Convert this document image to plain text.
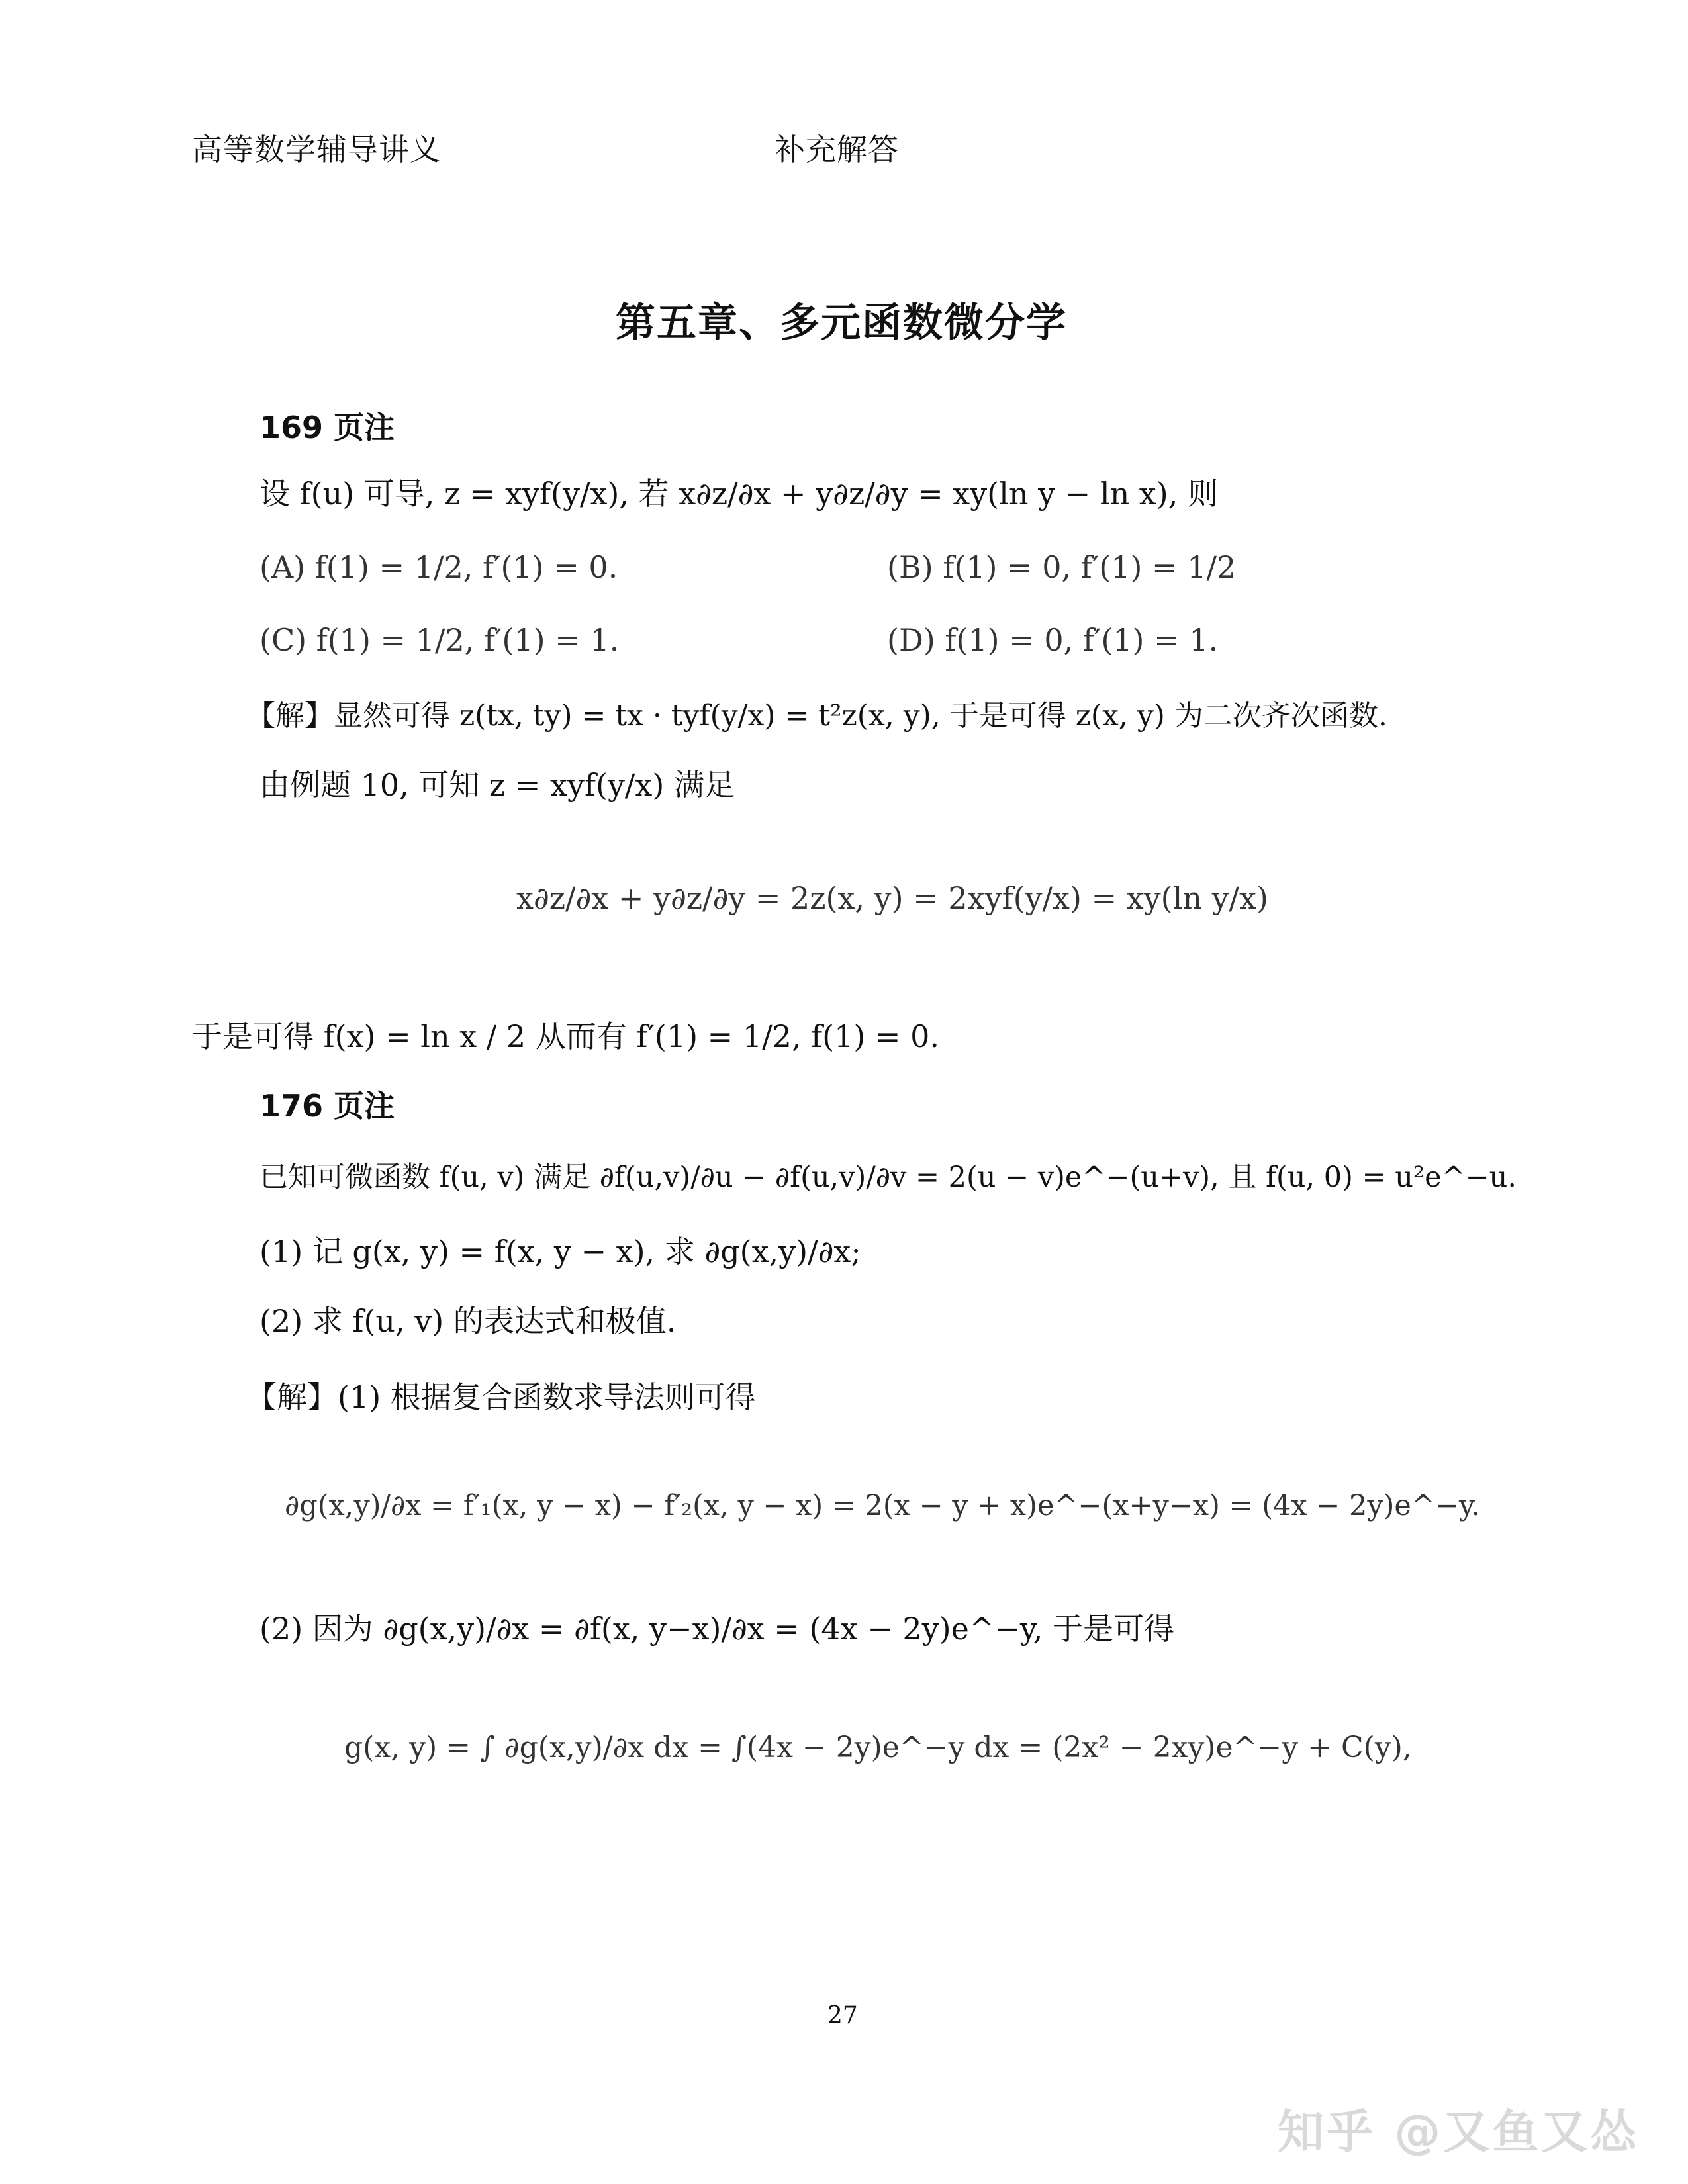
高等数学辅导讲义	补充解答
第五章、多元函数微分学
169 页注
设 f(u) 可导, z = xyf(y/x), 若 x∂z/∂x + y∂z/∂y = xy(ln y − ln x), 则
(A) f(1) = 1/2, f′(1) = 0.	(B) f(1) = 0, f′(1) = 1/2
(C) f(1) = 1/2, f′(1) = 1.	(D) f(1) = 0, f′(1) = 1.
【解】显然可得 z(tx, ty) = tx · tyf(y/x) = t²z(x, y), 于是可得 z(x, y) 为二次齐次函数.
由例题 10, 可知 z = xyf(y/x) 满足
x∂z/∂x + y∂z/∂y = 2z(x, y) = 2xyf(y/x) = xy(ln y/x)
于是可得 f(x) = ln x / 2 从而有 f′(1) = 1/2, f(1) = 0.
176 页注
已知可微函数 f(u, v) 满足 ∂f(u,v)/∂u − ∂f(u,v)/∂v = 2(u − v)e^−(u+v), 且 f(u, 0) = u²e^−u.
(1) 记 g(x, y) = f(x, y − x), 求 ∂g(x,y)/∂x;
(2) 求 f(u, v) 的表达式和极值.
【解】(1) 根据复合函数求导法则可得
∂g(x,y)/∂x = f′₁(x, y − x) − f′₂(x, y − x) = 2(x − y + x)e^−(x+y−x) = (4x − 2y)e^−y.
(2) 因为 ∂g(x,y)/∂x = ∂f(x, y−x)/∂x = (4x − 2y)e^−y, 于是可得
g(x, y) = ∫ ∂g(x,y)/∂x dx = ∫(4x − 2y)e^−y dx = (2x² − 2xy)e^−y + C(y),
27
知乎 @又鱼又怂
